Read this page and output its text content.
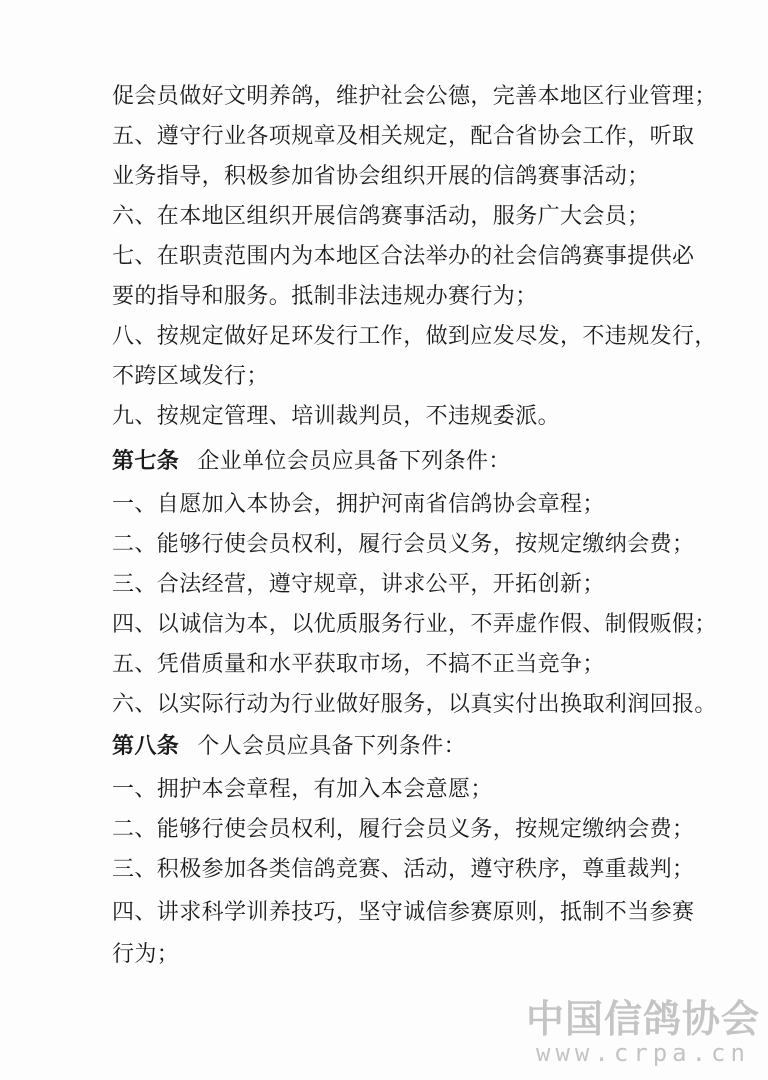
促会员做好文明养鸽，维护社会公德，完善本地区行业管理；
五、遵守行业各项规章及相关规定，配合省协会工作，听取
业务指导，积极参加省协会组织开展的信鸽赛事活动；
六、在本地区组织开展信鸽赛事活动，服务广大会员；
七、在职责范围内为本地区合法举办的社会信鸽赛事提供必
要的指导和服务。抵制非法违规办赛行为；
八、按规定做好足环发行工作，做到应发尽发，不违规发行，
不跨区域发行；
九、按规定管理、培训裁判员，不违规委派。
第七条 企业单位会员应具备下列条件：
一、自愿加入本协会，拥护河南省信鸽协会章程；
二、能够行使会员权利，履行会员义务，按规定缴纳会费；
三、合法经营，遵守规章，讲求公平，开拓创新；
四、以诚信为本，以优质服务行业，不弄虚作假、制假贩假；
五、凭借质量和水平获取市场，不搞不正当竞争；
六、以实际行动为行业做好服务，以真实付出换取利润回报。
第八条 个人会员应具备下列条件：
一、拥护本会章程，有加入本会意愿；
二、能够行使会员权利，履行会员义务，按规定缴纳会费；
三、积极参加各类信鸽竞赛、活动，遵守秩序，尊重裁判；
四、讲求科学训养技巧，坚守诚信参赛原则，抵制不当参赛
行为；
中国信鸽协会
www.crpa.cn
